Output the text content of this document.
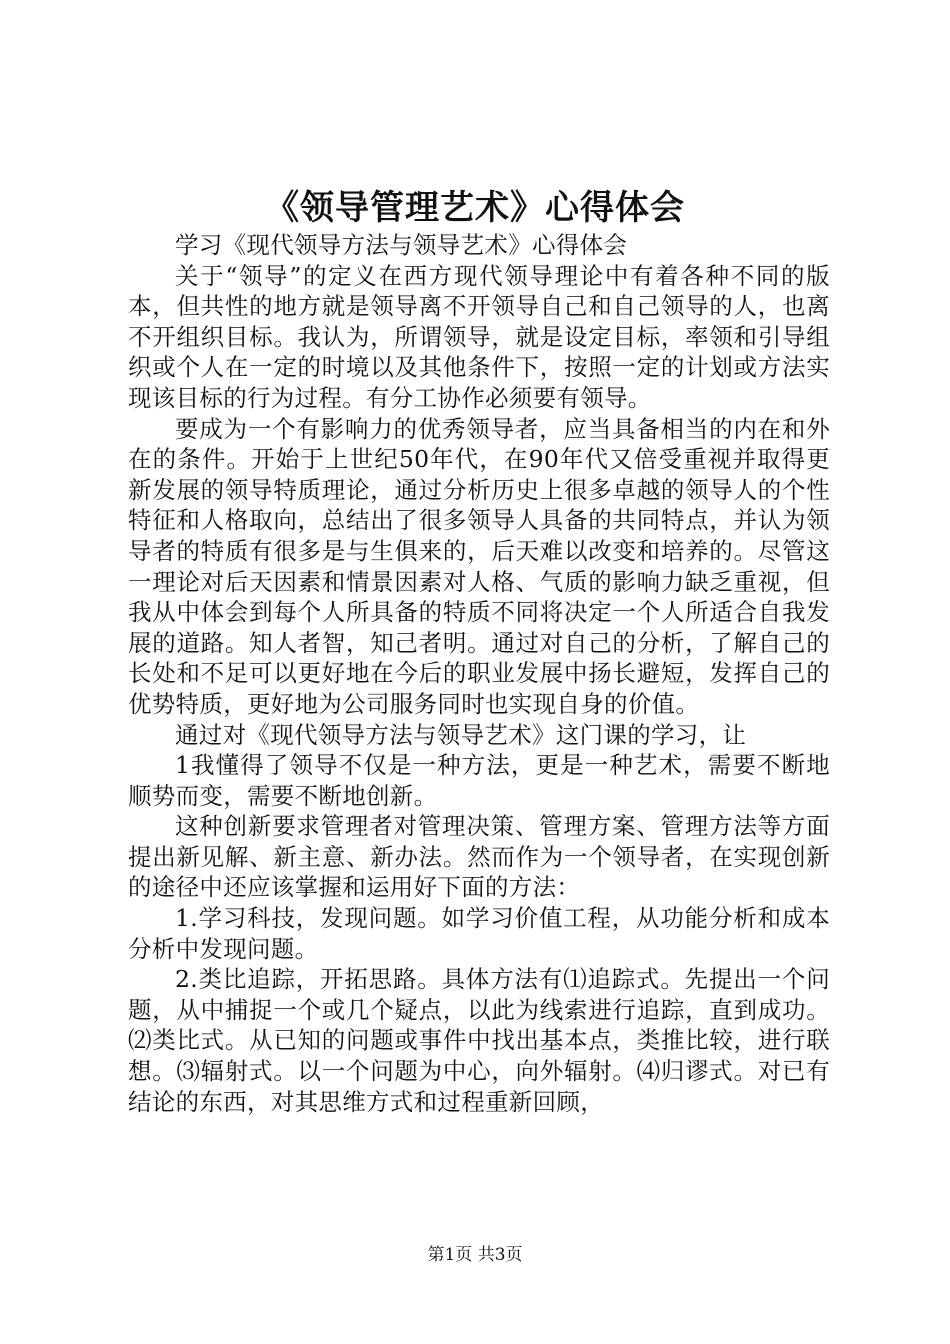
《领导管理艺术》心得体会

学习《现代领导方法与领导艺术》心得体会

关于“领导”的定义在西方现代领导理论中有着各种不同的版本，但共性的地方就是领导离不开领导自己和自己领导的人，也离不开组织目标。我认为，所谓领导，就是设定目标，率领和引导组织或个人在一定的时境以及其他条件下，按照一定的计划或方法实现该目标的行为过程。有分工协作必须要有领导。

要成为一个有影响力的优秀领导者，应当具备相当的内在和外在的条件。开始于上世纪50年代，在90年代又倍受重视并取得更新发展的领导特质理论，通过分析历史上很多卓越的领导人的个性特征和人格取向，总结出了很多领导人具备的共同特点，并认为领导者的特质有很多是与生俱来的，后天难以改变和培养的。尽管这一理论对后天因素和情景因素对人格、气质的影响力缺乏重视，但我从中体会到每个人所具备的特质不同将决定一个人所适合自我发展的道路。知人者智，知己者明。通过对自己的分析，了解自己的长处和不足可以更好地在今后的职业发展中扬长避短，发挥自己的优势特质，更好地为公司服务同时也实现自身的价值。

通过对《现代领导方法与领导艺术》这门课的学习，让

1我懂得了领导不仅是一种方法，更是一种艺术，需要不断地顺势而变，需要不断地创新。

这种创新要求管理者对管理决策、管理方案、管理方法等方面提出新见解、新主意、新办法。然而作为一个领导者，在实现创新的途径中还应该掌握和运用好下面的方法：

1.学习科技，发现问题。如学习价值工程，从功能分析和成本分析中发现问题。

2.类比追踪，开拓思路。具体方法有⑴追踪式。先提出一个问题，从中捕捉一个或几个疑点，以此为线索进行追踪，直到成功。⑵类比式。从已知的问题或事件中找出基本点，类推比较，进行联想。⑶辐射式。以一个问题为中心，向外辐射。⑷归谬式。对已有结论的东西，对其思维方式和过程重新回顾，

第1页 共3页
